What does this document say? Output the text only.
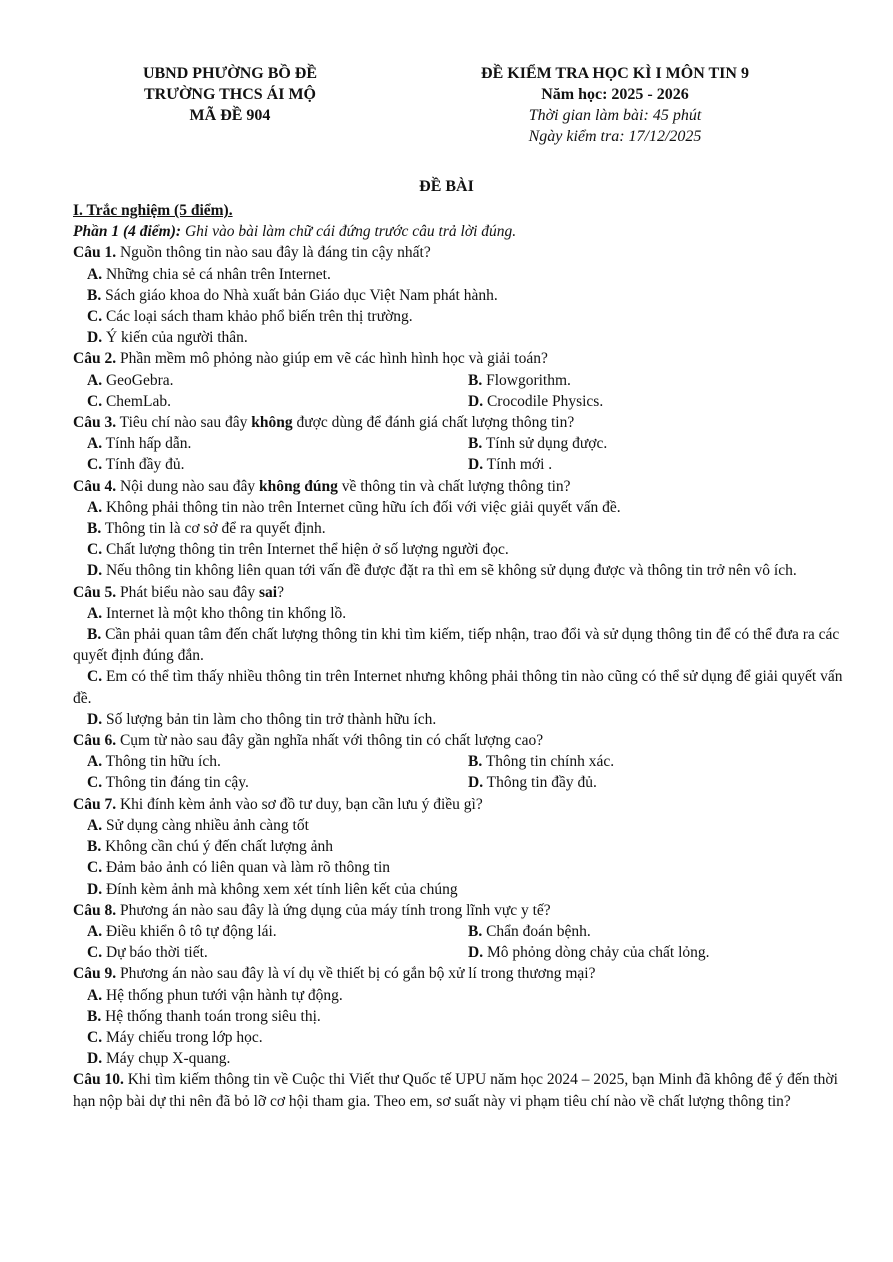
UBND PHƯỜNG BỒ ĐỀ
TRƯỜNG THCS ÁI MỘ
MÃ ĐỀ 904
ĐỀ KIỂM TRA HỌC KÌ I MÔN TIN 9
Năm học: 2025 - 2026
Thời gian làm bài: 45 phút
Ngày kiểm tra: 17/12/2025
ĐỀ BÀI
I. Trắc nghiệm (5 điểm).
Phần 1 (4 điểm): Ghi vào bài làm chữ cái đứng trước câu trả lời đúng.
Câu 1. Nguồn thông tin nào sau đây là đáng tin cậy nhất?
A. Những chia sẻ cá nhân trên Internet.
B. Sách giáo khoa do Nhà xuất bản Giáo dục Việt Nam phát hành.
C. Các loại sách tham khảo phổ biến trên thị trường.
D. Ý kiến của người thân.
Câu 2. Phần mềm mô phỏng nào giúp em vẽ các hình hình học và giải toán?
A. GeoGebra.	B. Flowgorithm.
C. ChemLab.	D. Crocodile Physics.
Câu 3. Tiêu chí nào sau đây không được dùng để đánh giá chất lượng thông tin?
A. Tính hấp dẫn.	B. Tính sử dụng được.
C. Tính đầy đủ.	D. Tính mới .
Câu 4. Nội dung nào sau đây không đúng về thông tin và chất lượng thông tin?
A. Không phải thông tin nào trên Internet cũng hữu ích đối với việc giải quyết vấn đề.
B. Thông tin là cơ sở để ra quyết định.
C. Chất lượng thông tin trên Internet thể hiện ở số lượng người đọc.
D. Nếu thông tin không liên quan tới vấn đề được đặt ra thì em sẽ không sử dụng được và thông tin trở nên vô ích.
Câu 5. Phát biểu nào sau đây sai?
A. Internet là một kho thông tin khổng lồ.
B. Cần phải quan tâm đến chất lượng thông tin khi tìm kiếm, tiếp nhận, trao đổi và sử dụng thông tin để có thể đưa ra các quyết định đúng đắn.
C. Em có thể tìm thấy nhiều thông tin trên Internet nhưng không phải thông tin nào cũng có thể sử dụng để giải quyết vấn đề.
D. Số lượng bản tin làm cho thông tin trở thành hữu ích.
Câu 6. Cụm từ nào sau đây gần nghĩa nhất với thông tin có chất lượng cao?
A. Thông tin hữu ích.	B. Thông tin chính xác.
C. Thông tin đáng tin cậy.	D. Thông tin đầy đủ.
Câu 7. Khi đính kèm ảnh vào sơ đồ tư duy, bạn cần lưu ý điều gì?
A. Sử dụng càng nhiều ảnh càng tốt
B. Không cần chú ý đến chất lượng ảnh
C. Đảm bảo ảnh có liên quan và làm rõ thông tin
D. Đính kèm ảnh mà không xem xét tính liên kết của chúng
Câu 8. Phương án nào sau đây là ứng dụng của máy tính trong lĩnh vực y tế?
A. Điều khiển ô tô tự động lái.	B. Chẩn đoán bệnh.
C. Dự báo thời tiết.	D. Mô phỏng dòng chảy của chất lỏng.
Câu 9. Phương án nào sau đây là ví dụ về thiết bị có gắn bộ xử lí trong thương mại?
A. Hệ thống phun tưới vận hành tự động.
B. Hệ thống thanh toán trong siêu thị.
C. Máy chiếu trong lớp học.
D. Máy chụp X-quang.
Câu 10. Khi tìm kiếm thông tin về Cuộc thi Viết thư Quốc tế UPU năm học 2024 – 2025, bạn Minh đã không để ý đến thời hạn nộp bài dự thi nên đã bỏ lỡ cơ hội tham gia. Theo em, sơ suất này vi phạm tiêu chí nào về chất lượng thông tin?
